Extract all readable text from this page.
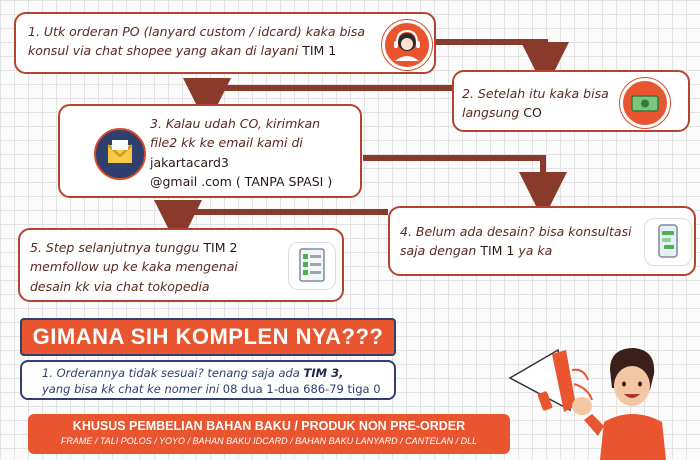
1. Utk orderan PO (lanyard custom / idcard) kaka bisa
konsul via chat shopee yang akan di layani TIM 1
2. Setelah itu kaka bisa
langsung CO
3. Kalau udah CO, kirimkan
file2 kk ke email kami di
jakartacard3
@gmail .com ( TANPA SPASI )
4. Belum ada desain? bisa konsultasi
saja dengan TIM 1 ya ka
5. Step selanjutnya tunggu TIM 2
memfollow up ke kaka mengenai
desain kk via chat tokopedia
GIMANA SIH KOMPLEN NYA???
1. Orderannya tidak sesuai? tenang saja ada TIM 3,
yang bisa kk chat ke nomer ini 08 dua 1-dua 686-79 tiga 0
KHUSUS PEMBELIAN BAHAN BAKU / PRODUK NON PRE-ORDER
FRAME / TALI POLOS / YOYO / BAHAN BAKU IDCARD / BAHAN BAKU LANYARD / CANTELAN / DLL
